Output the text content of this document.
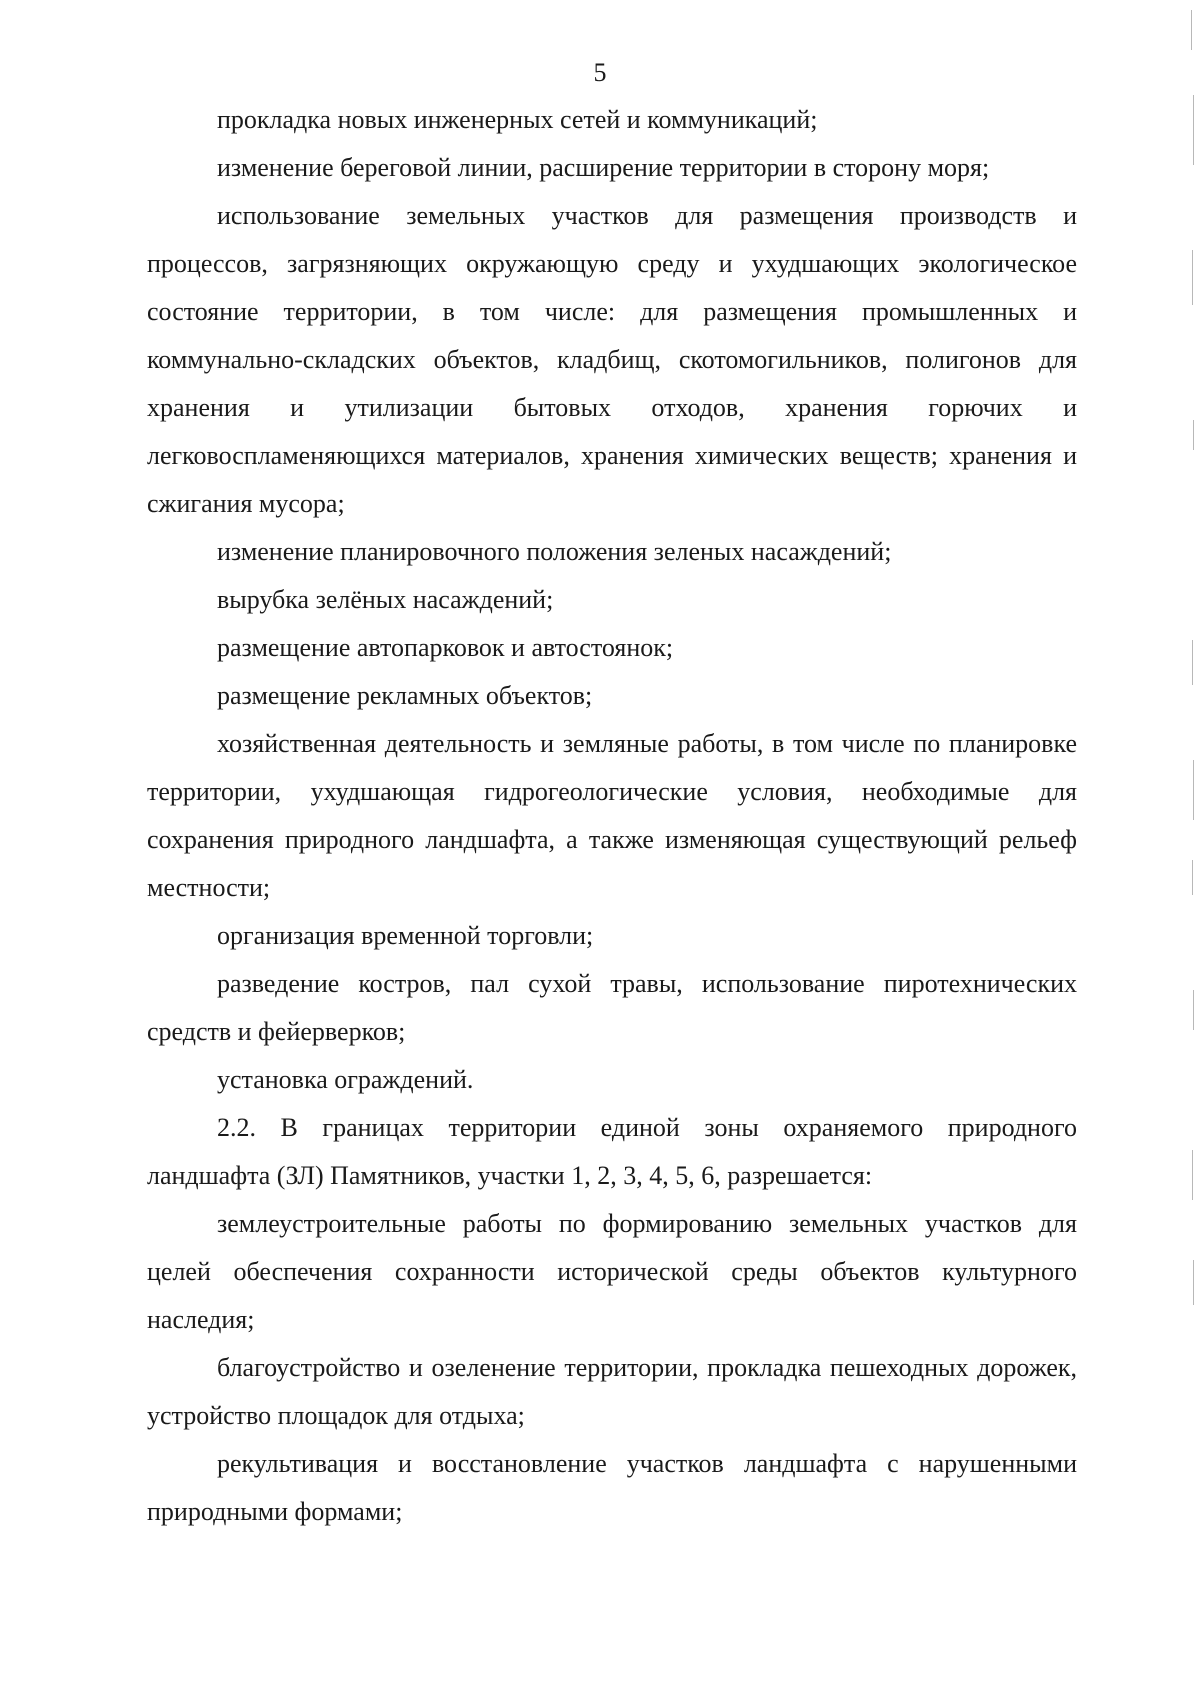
5

прокладка новых инженерных сетей и коммуникаций;

изменение береговой линии, расширение территории в сторону моря;

использование земельных участков для размещения производств и процессов, загрязняющих окружающую среду и ухудшающих экологическое состояние территории, в том числе: для размещения промышленных и коммунально-складских объектов, кладбищ, скотомогильников, полигонов для хранения и утилизации бытовых отходов, хранения горючих и легковоспламеняющихся материалов, хранения химических веществ; хранения и сжигания мусора;

изменение планировочного положения зеленых насаждений;

вырубка зелёных насаждений;

размещение автопарковок и автостоянок;

размещение рекламных объектов;

хозяйственная деятельность и земляные работы, в том числе по планировке территории, ухудшающая гидрогеологические условия, необходимые для сохранения природного ландшафта, а также изменяющая существующий рельеф местности;

организация временной торговли;

разведение костров, пал сухой травы, использование пиротехнических средств и фейерверков;

установка ограждений.

2.2. В границах территории единой зоны охраняемого природного ландшафта (ЗЛ) Памятников, участки 1, 2, 3, 4, 5, 6, разрешается:

землеустроительные работы по формированию земельных участков для целей обеспечения сохранности исторической среды объектов культурного наследия;

благоустройство и озеленение территории, прокладка пешеходных дорожек, устройство площадок для отдыха;

рекультивация и восстановление участков ландшафта с нарушенными природными формами;
